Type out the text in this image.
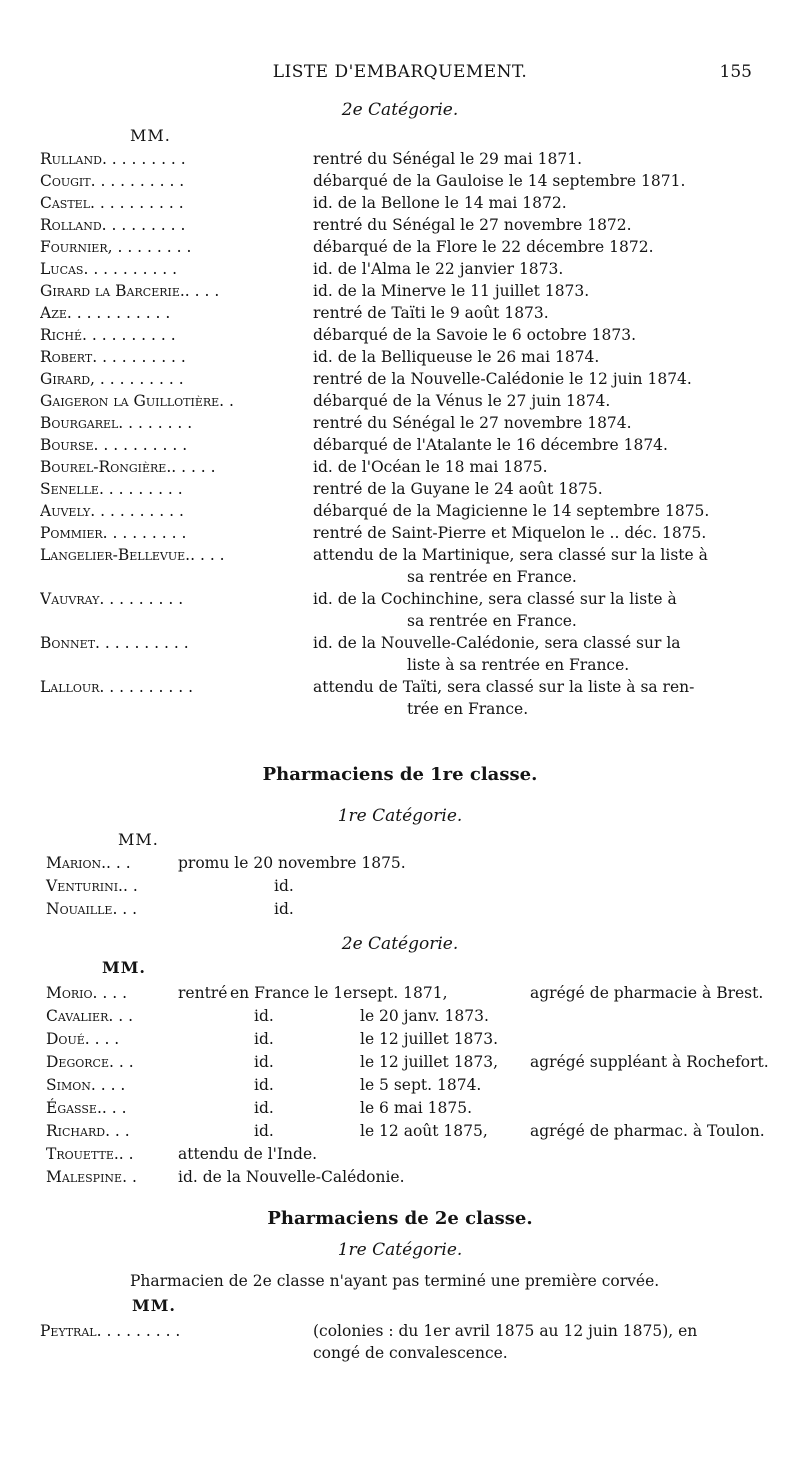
LISTE D'EMBARQUEMENT.	155
2e Catégorie.
MM.
Rulland. . . . . . . . .	rentré du Sénégal le 29 mai 1871.
Cougit. . . . . . . . . .	débarqué de la Gauloise le 14 septembre 1871.
Castel. . . . . . . . . .	id. de la Bellone le 14 mai 1872.
Rolland. . . . . . . . .	rentré du Sénégal le 27 novembre 1872.
Fournier, . . . . . . . .	débarqué de la Flore le 22 décembre 1872.
Lucas. . . . . . . . . .	id. de l'Alma le 22 janvier 1873.
Girard la Barcerie.. . . .	id. de la Minerve le 11 juillet 1873.
Aze. . . . . . . . . . .	rentré de Taïti le 9 août 1873.
Riché. . . . . . . . . .	débarqué de la Savoie le 6 octobre 1873.
Robert. . . . . . . . . .	id. de la Belliqueuse le 26 mai 1874.
Girard, . . . . . . . . .	rentré de la Nouvelle-Calédonie le 12 juin 1874.
Gaigeron la Guillotière. .	débarqué de la Vénus le 27 juin 1874.
Bourgarel. . . . . . . .	rentré du Sénégal le 27 novembre 1874.
Bourse. . . . . . . . . .	débarqué de l'Atalante le 16 décembre 1874.
Bourel-Rongière.. . . . .	id. de l'Océan le 18 mai 1875.
Senelle. . . . . . . . .	rentré de la Guyane le 24 août 1875.
Auvely. . . . . . . . . .	débarqué de la Magicienne le 14 septembre 1875.
Pommier. . . . . . . . .	rentré de Saint-Pierre et Miquelon le .. déc. 1875.
Langelier-Bellevue.. . . .	attendu de la Martinique, sera classé sur la liste à
sa rentrée en France.
Vauvray. . . . . . . . .	id. de la Cochinchine, sera classé sur la liste à
sa rentrée en France.
Bonnet. . . . . . . . . .	id. de la Nouvelle-Calédonie, sera classé sur la
liste à sa rentrée en France.
Lallour. . . . . . . . . .	attendu de Taïti, sera classé sur la liste à sa ren-
trée en France.
Pharmaciens de 1re classe.
1re Catégorie.
MM.
Marion.. . .	promu le 20 novembre 1875.
Venturini.. .	id.
Nouaille. . .	id.
2e Catégorie.
MM.
Morio. . . .	rentré en France le 1er sept. 1871,	agrégé de pharmacie à Brest.
Cavalier. . .	id.	le 20 janv. 1873.
Doué. . . .	id.	le 12 juillet 1873.
Degorce. . .	id.	le 12 juillet 1873,	agrégé suppléant à Rochefort.
Simon. . . .	id.	le 5 sept. 1874.
Égasse.. . .	id.	le 6 mai 1875.
Richard. . .	id.	le 12 août 1875,	agrégé de pharmac. à Toulon.
Trouette.. .	attendu de l'Inde.
Malespine. .	id. de la Nouvelle-Calédonie.
Pharmaciens de 2e classe.
1re Catégorie.
Pharmacien de 2e classe n'ayant pas terminé une première corvée.
MM.
Peytral. . . . . . . . .	(colonies : du 1er avril 1875 au 12 juin 1875), en
congé de convalescence.
